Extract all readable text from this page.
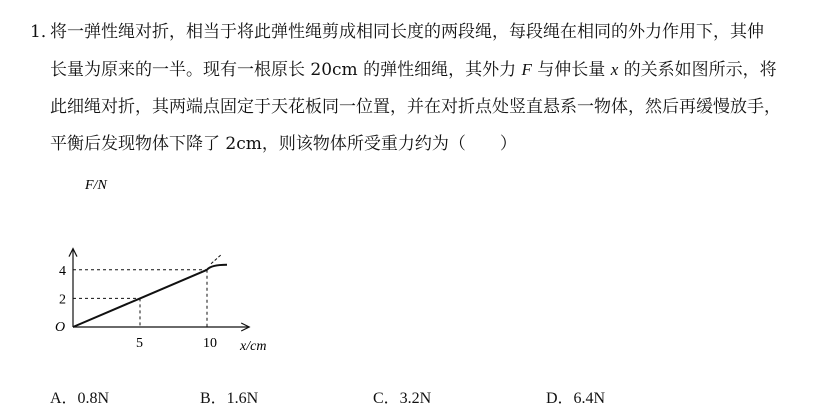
1．将一弹性绳对折，相当于将此弹性绳剪成相同长度的两段绳，每段绳在相同的外力作用下，其伸

长量为原来的一半。现有一根原长 20cm 的弹性细绳，其外力 F 与伸长量 x 的关系如图所示，将

此细绳对折，其两端点固定于天花板同一位置，并在对折点处竖直悬系一物体，然后再缓慢放手，

平衡后发现物体下降了 2cm，则该物体所受重力约为（　　）

F/N
x/cm
O
5	10
2
4
A．0.8N	B．1.6N	C．3.2N	D．6.4N
